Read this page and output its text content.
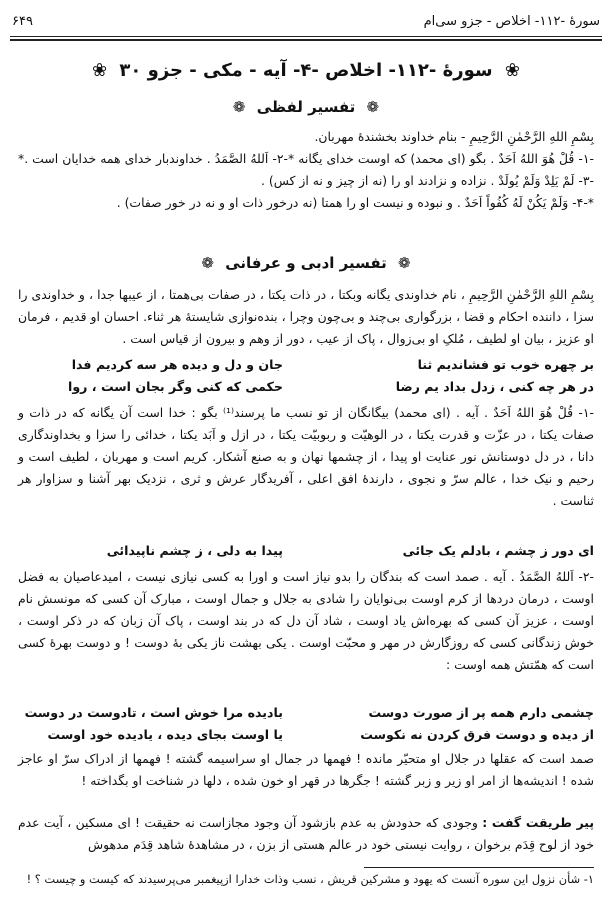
سورهٔ -۱۱۲- اخلاص - جزو سی‌ام
۶۴۹
❀ سورهٔ -۱۱۲- اخلاص -۴- آیه - مکی - جزو ۳۰ ❀
❁ تفسیر لفظی ❁

بِسْمِ اللهِ الرَّحْمٰنِ الرَّحِیمِ - بنام خداوند بخشندهٔ مهربان.

-۱- قُلْ هُوَ اللهُ اَحَدٌ . بگو (ای محمد) که اوست خدای یگانه *-۲- اَللهُ الصَّمَدُ . خداوندبار خدای همه خدایان است .* -۳- لَمْ یَلِدْ وَلَمْ یُولَدْ . نزاده و نزادند او را (نه از چیز و نه از کس) .

*-۴- وَلَمْ یَکُنْ لَهُ کُفُواً اَحَدٌ . و نبوده و نیست او را همتا (نه درخور ذات او و نه در خور صفات) .

❁ تفسیر ادبی و عرفانی ❁

بِسْمِ اللهِ الرَّحْمٰنِ الرَّحِیمِ ، نام خداوندی یگانه وبکتا ، در ذات یکتا ، در صفات بی‌همتا ، از عیبها جدا ، و خداوندی را سزا ، داننده احکام و قضا ، بزرگواری بی‌چند و بی‌چون وچرا ، بنده‌نوازی شایستهٔ هر ثناء. احسان او قدیم ، فرمان او عزیز ، بیان او لطیف ، مُلکِ او بی‌زوال ، پاک از عیب ، دور از وهم و بیرون از قیاس است .

بر چهره خوب تو فشاندیم ثنا
جان و دل و دیده هر سه کردیم فدا
در هر چه کنی ، زدل بداد یم رضا
حکمی که کنی وگر بجان است ، روا

-۱- قُلْ هُوَ اللهُ اَحَدٌ . آیه . (ای محمد) بیگانگان از تو نسب ما پرسند⁽¹⁾ بگو : خدا است آن یگانه که در ذات و صفات یکتا ، در عزّت و قدرت یکتا ، در الوهیّت و ربوبیّت یکتا ، در ازل و اَبَد یکتا ، خدائی را سزا و بخداوندگاری دانا ، در دل دوستانش نور عنایت او پیدا ، از چشمها نهان و به صنع آشکار. کریم است و مهربان ، لطیف است و رحیم و نیک خدا ، عالم سرّ و نجوی ، دارندهٔ افق اعلی ، آفریدگار عرش و ثری ، نزدیک بهر آشنا و سزاوار هر ثناست .

ای دور ز چشم ، بادلم یک جائی
پیدا به دلی ، ز چشم ناپیدائی

-۲- اَللهُ الصَّمَدُ . آیه . صمد است که بندگان را بدو نیاز است و اورا به کسی نیازی نیست ، امیدعاصیان به فضل اوست ، درمان دردها از کرم اوست بی‌نوایان را شادی به جلال و جمال اوست ، مبارک آن کسی که مونسش نام اوست ، عزیز آن کسی که بهره‌اش یاد اوست ، شاد آن دل که در بند اوست ، پاک آن زبان که در ذکر اوست ، خوش زندگانی کسی که روزگارش در مهر و محبّت اوست . یکی بهشت ناز یکی بهٔ دوست ! و دوست بهرهٔ کسی است که همّتش همه اوست :

چشمی دارم همه پر از صورت دوست
بادیده مرا خوش است ، تادوست در دوست
از دیده و دوست فرق کردن نه نکوست
یا اوست بجای دیده ، یادیده خود اوست

صمد است که عقلها در جلال او متحیّر مانده ! فهمها در جمال او سراسیمه گشته ! فهمها از ادراک سرّ او عاجز شده ! اندیشه‌ها از امر او زیر و زبر گشته ! جگرها در قهر او خون شده ، دلها در شناخت او بگداخته !

پیر طریقت گفت : وجودی که حدودش به عدم بازشود آن وجود مجازاست نه حقیقت ! ای مسکین ، آیت عدم خود از لوح قِدَم برخوان ، روایت نیستی خود در عالم هستی از بزن ، در مشاهدهٔ شاهد قِدَم مدهوش

۱- شأن نزول این سوره آنست که یهود و مشرکین قریش ، نسب وذات خدارا ازپیغمبر می‌پرسیدند که کیست و چیست ؟ !
